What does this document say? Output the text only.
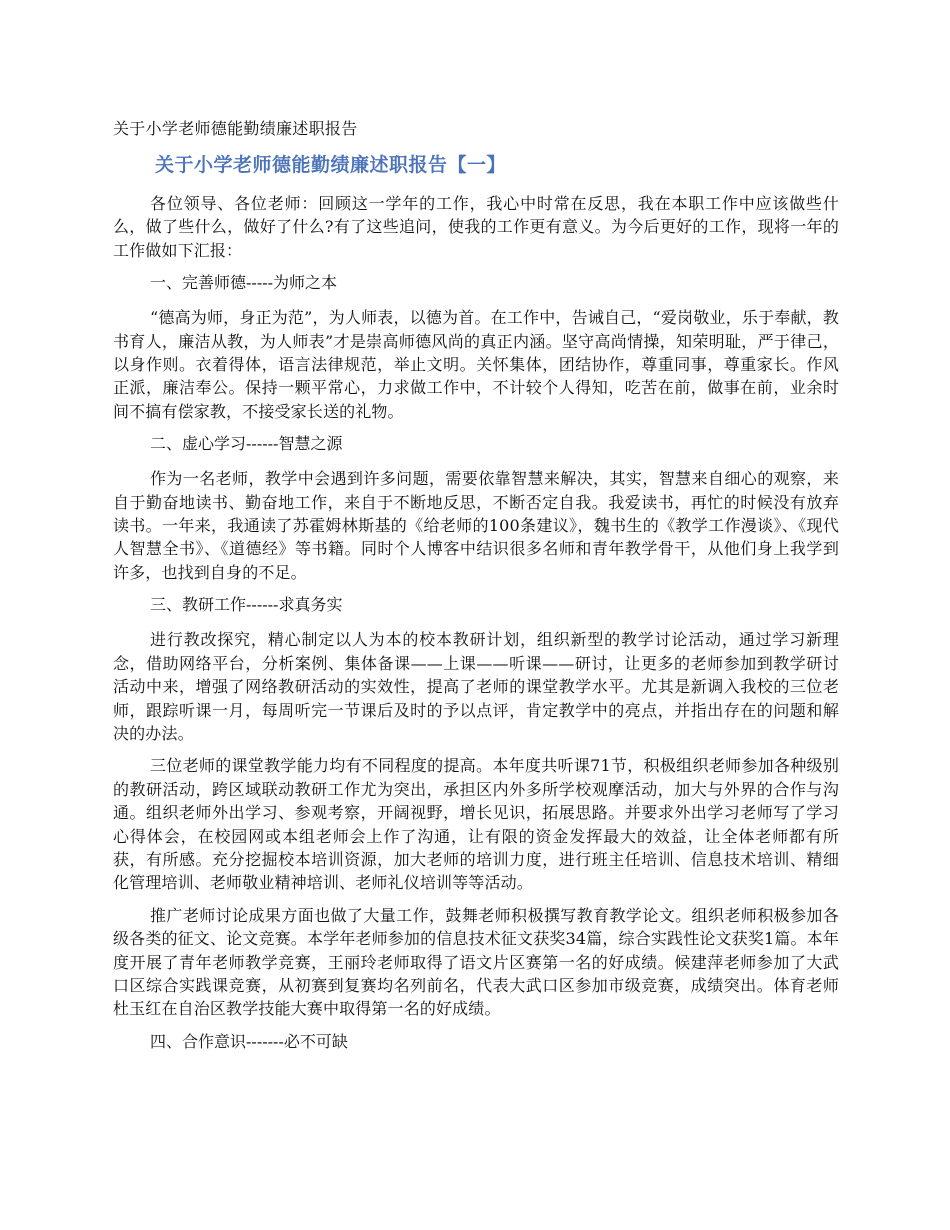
关于小学老师德能勤绩廉述职报告
关于小学老师德能勤绩廉述职报告【一】

各位领导、各位老师：回顾这一学年的工作，我心中时常在反思，我在本职工作中应该做些什么，做了些什么，做好了什么?有了这些追问，使我的工作更有意义。为今后更好的工作，现将一年的工作做如下汇报：

一、完善师德-----为师之本

“德高为师，身正为范”，为人师表，以德为首。在工作中，告诫自己，“爱岗敬业，乐于奉献，教书育人，廉洁从教，为人师表”才是崇高师德风尚的真正内涵。坚守高尚情操，知荣明耻，严于律己，以身作则。衣着得体，语言法律规范，举止文明。关怀集体，团结协作，尊重同事，尊重家长。作风正派，廉洁奉公。保持一颗平常心，力求做工作中，不计较个人得知，吃苦在前，做事在前，业余时间不搞有偿家教，不接受家长送的礼物。

二、虚心学习------智慧之源

作为一名老师，教学中会遇到许多问题，需要依靠智慧来解决，其实，智慧来自细心的观察，来自于勤奋地读书、勤奋地工作，来自于不断地反思，不断否定自我。我爱读书，再忙的时候没有放弃读书。一年来，我通读了苏霍姆林斯基的《给老师的100条建议》，魏书生的《教学工作漫谈》、《现代人智慧全书》、《道德经》等书籍。同时个人博客中结识很多名师和青年教学骨干，从他们身上我学到许多，也找到自身的不足。

三、教研工作------求真务实

进行教改探究，精心制定以人为本的校本教研计划，组织新型的教学讨论活动，通过学习新理念，借助网络平台，分析案例、集体备课——上课——听课——研讨，让更多的老师参加到教学研讨活动中来，增强了网络教研活动的实效性，提高了老师的课堂教学水平。尤其是新调入我校的三位老师，跟踪听课一月，每周听完一节课后及时的予以点评，肯定教学中的亮点，并指出存在的问题和解决的办法。

三位老师的课堂教学能力均有不同程度的提高。本年度共听课71节，积极组织老师参加各种级别的教研活动，跨区域联动教研工作尤为突出，承担区内外多所学校观摩活动，加大与外界的合作与沟通。组织老师外出学习、参观考察，开阔视野，增长见识，拓展思路。并要求外出学习老师写了学习心得体会，在校园网或本组老师会上作了沟通，让有限的资金发挥最大的效益，让全体老师都有所获，有所感。充分挖掘校本培训资源，加大老师的培训力度，进行班主任培训、信息技术培训、精细化管理培训、老师敬业精神培训、老师礼仪培训等等活动。

推广老师讨论成果方面也做了大量工作，鼓舞老师积极撰写教育教学论文。组织老师积极参加各级各类的征文、论文竞赛。本学年老师参加的信息技术征文获奖34篇，综合实践性论文获奖1篇。本年度开展了青年老师教学竞赛，王丽玲老师取得了语文片区赛第一名的好成绩。候建萍老师参加了大武口区综合实践课竞赛，从初赛到复赛均名列前名，代表大武口区参加市级竞赛，成绩突出。体育老师杜玉红在自治区教学技能大赛中取得第一名的好成绩。

四、合作意识-------必不可缺
